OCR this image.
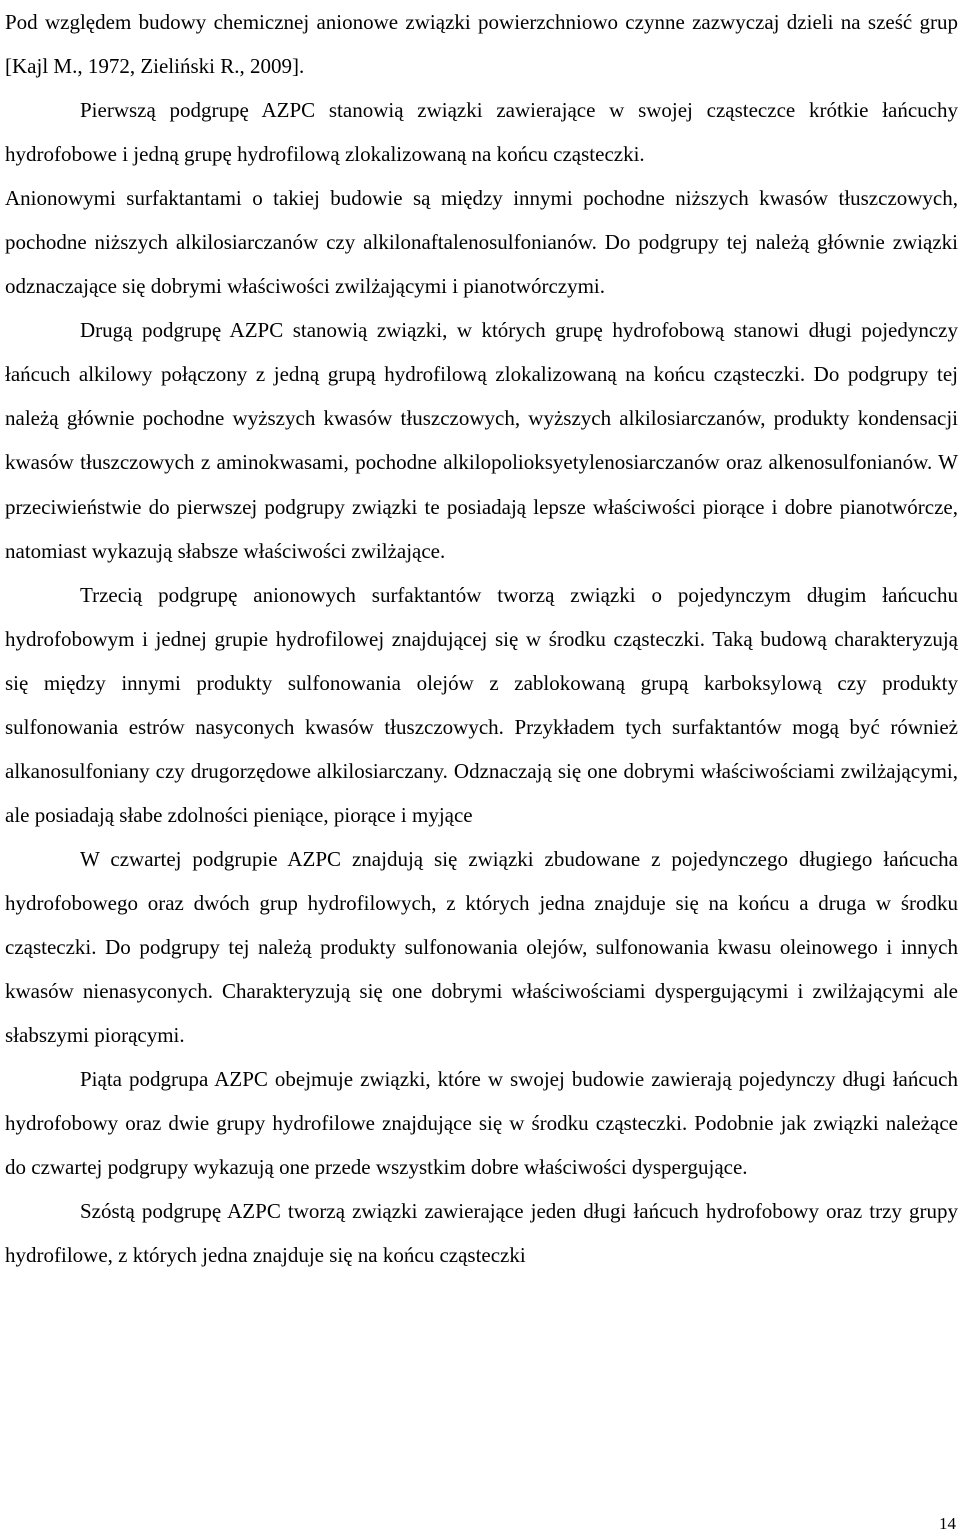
Pod względem budowy chemicznej anionowe związki powierzchniowo czynne zazwyczaj dzieli na sześć grup [Kajl M., 1972, Zieliński R., 2009].

Pierwszą podgrupę AZPC stanowią związki zawierające w swojej cząsteczce krótkie łańcuchy hydrofobowe i jedną grupę hydrofilową zlokalizowaną na końcu cząsteczki.

Anionowymi surfaktantami o takiej budowie są między innymi pochodne niższych kwasów tłuszczowych, pochodne niższych alkilosiarczanów czy alkilonaftalenosulfonianów. Do podgrupy tej należą głównie związki odznaczające się dobrymi właściwości zwilżającymi i pianotwórczymi.

Drugą podgrupę AZPC stanowią związki, w których grupę hydrofobową stanowi długi pojedynczy łańcuch alkilowy połączony z jedną grupą hydrofilową zlokalizowaną na końcu cząsteczki. Do podgrupy tej należą głównie pochodne wyższych kwasów tłuszczowych, wyższych alkilosiarczanów, produkty kondensacji kwasów tłuszczowych z aminokwasami, pochodne alkilopolioksyetylenosiarczanów oraz alkenosulfonianów. W przeciwieństwie do pierwszej podgrupy związki te posiadają lepsze właściwości piorące i dobre pianotwórcze, natomiast wykazują słabsze właściwości zwilżające.

Trzecią podgrupę anionowych surfaktantów tworzą związki o pojedynczym długim łańcuchu hydrofobowym i jednej grupie hydrofilowej znajdującej się w środku cząsteczki. Taką budową charakteryzują się między innymi produkty sulfonowania olejów z zablokowaną grupą karboksylową czy produkty sulfonowania estrów nasyconych kwasów tłuszczowych. Przykładem tych surfaktantów mogą być również alkanosulfoniany czy drugorzędowe alkilosiarczany. Odznaczają się one dobrymi właściwościami zwilżającymi, ale posiadają słabe zdolności pieniące, piorące i myjące

W czwartej podgrupie AZPC znajdują się związki zbudowane z pojedynczego długiego łańcucha hydrofobowego oraz dwóch grup hydrofilowych, z których jedna znajduje się na końcu a druga w środku cząsteczki. Do podgrupy tej należą produkty sulfonowania olejów, sulfonowania kwasu oleinowego i innych kwasów nienasyconych. Charakteryzują się one dobrymi właściwościami dyspergującymi i zwilżającymi ale słabszymi piorącymi.

Piąta podgrupa AZPC obejmuje związki, które w swojej budowie zawierają pojedynczy długi łańcuch hydrofobowy oraz dwie grupy hydrofilowe znajdujące się w środku cząsteczki. Podobnie jak związki należące do czwartej podgrupy wykazują one przede wszystkim dobre właściwości dyspergujące.

Szóstą podgrupę AZPC tworzą związki zawierające jeden długi łańcuch hydrofobowy oraz trzy grupy hydrofilowe, z których jedna znajduje się na końcu cząsteczki

14
